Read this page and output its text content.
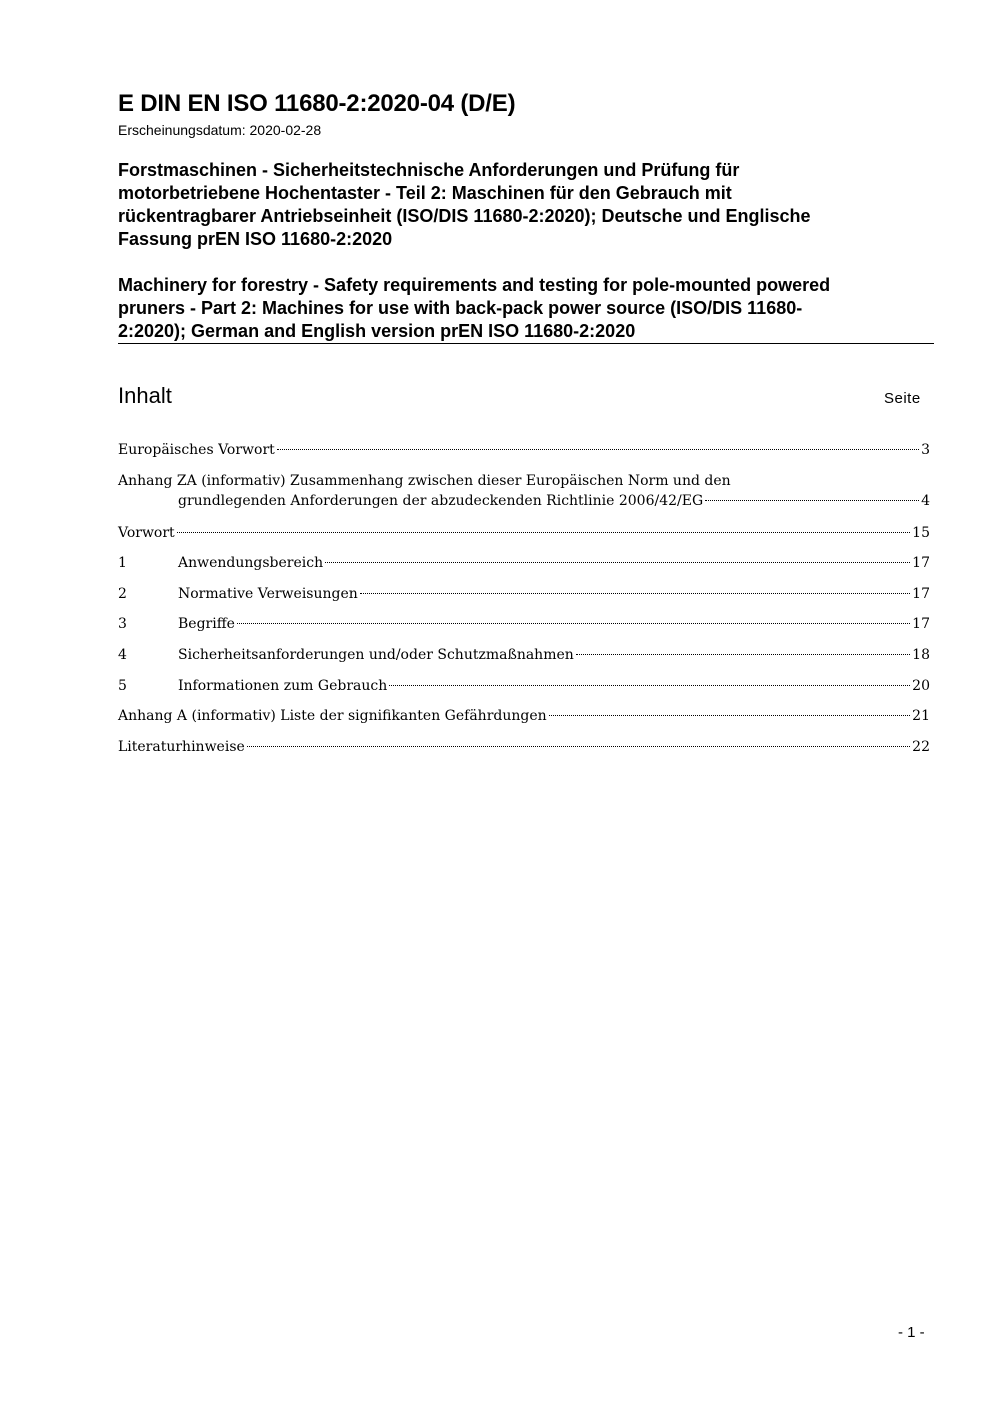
E DIN EN ISO 11680-2:2020-04 (D/E)
Erscheinungsdatum: 2020-02-28
Forstmaschinen - Sicherheitstechnische Anforderungen und Prüfung für
motorbetriebene Hochentaster - Teil 2: Maschinen für den Gebrauch mit
rückentragbarer Antriebseinheit (ISO/DIS 11680-2:2020); Deutsche und Englische
Fassung prEN ISO 11680-2:2020
Machinery for forestry - Safety requirements and testing for pole-mounted powered
pruners - Part 2: Machines for use with back-pack power source (ISO/DIS 11680-
2:2020); German and English version prEN ISO 11680-2:2020
Inhalt	Seite
Europäisches Vorwort	3
Anhang ZA (informativ) Zusammenhang zwischen dieser Europäischen Norm und den
grundlegenden Anforderungen der abzudeckenden Richtlinie 2006/42/EG	4
Vorwort	15
1	Anwendungsbereich	17
2	Normative Verweisungen	17
3	Begriffe	17
4	Sicherheitsanforderungen und/oder Schutzmaßnahmen	18
5	Informationen zum Gebrauch	20
Anhang A (informativ) Liste der signifikanten Gefährdungen	21
Literaturhinweise	22
- 1 -
